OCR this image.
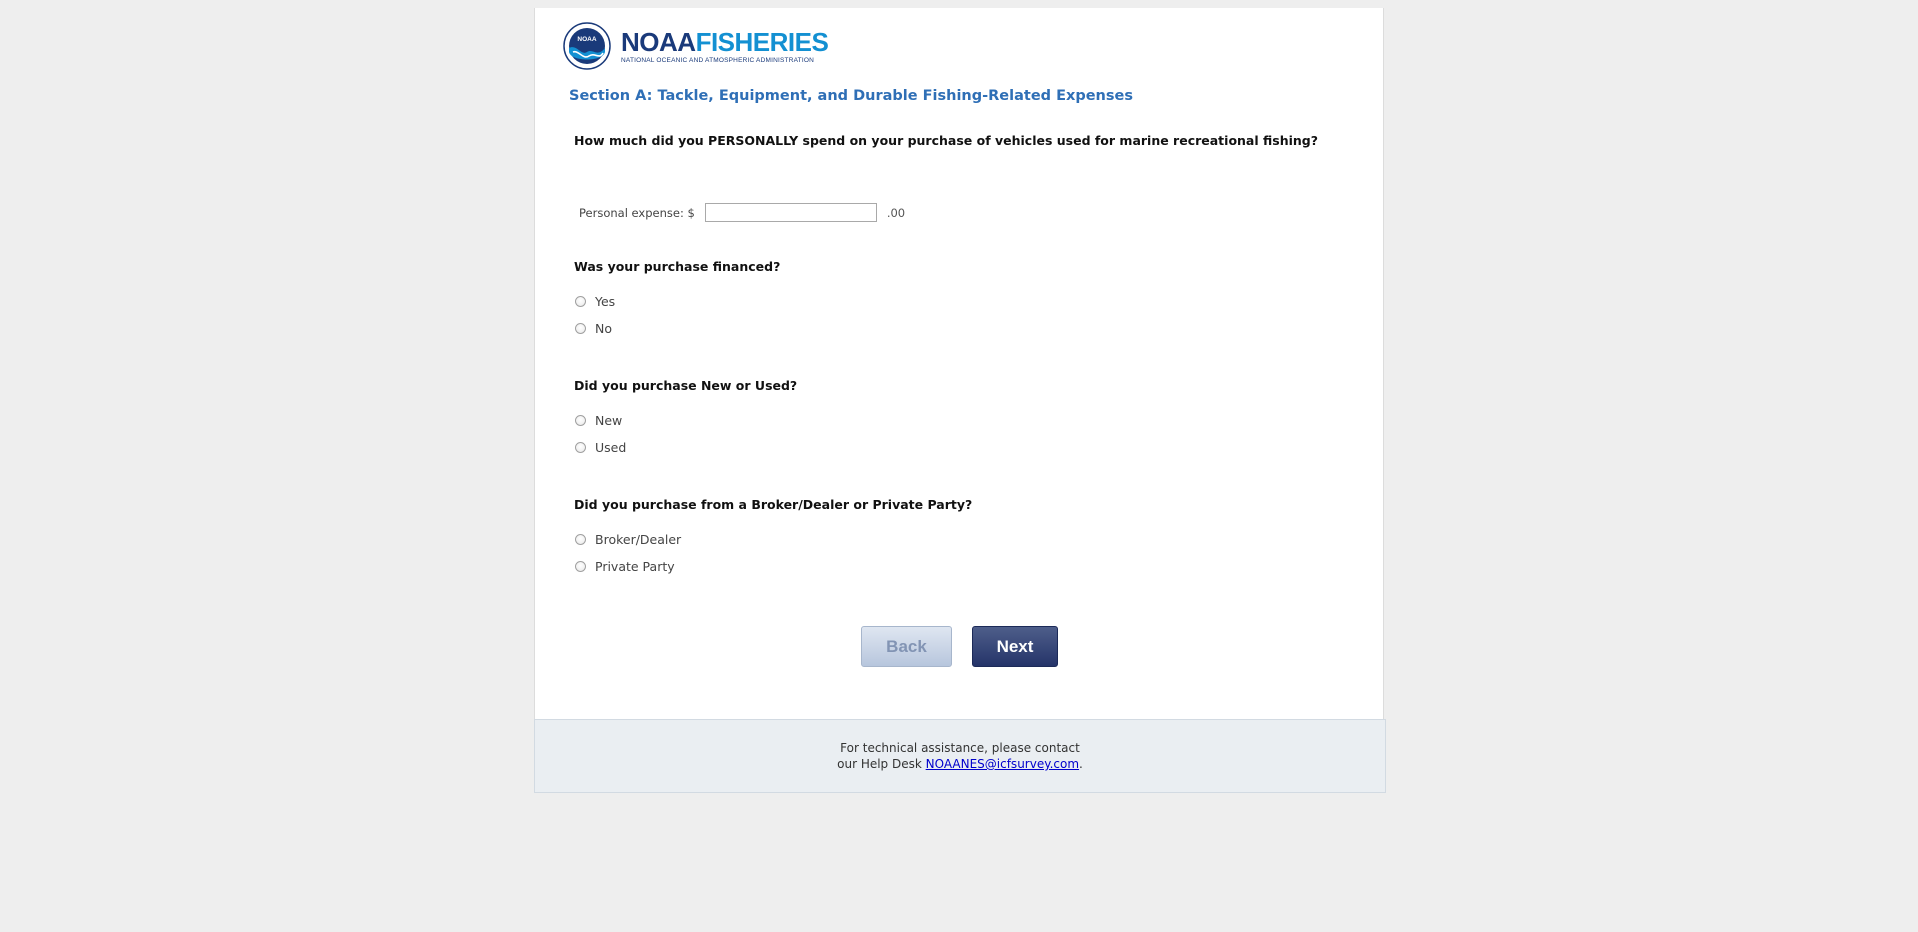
NOAA NOAAFISHERIES
NATIONAL OCEANIC AND ATMOSPHERIC ADMINISTRATION
Section A: Tackle, Equipment, and Durable Fishing-Related Expenses
How much did you PERSONALLY spend on your purchase of vehicles used for marine recreational fishing?
Personal expense: $	.00
Was your purchase financed?
Yes
No
Did you purchase New or Used?
New
Used
Did you purchase from a Broker/Dealer or Private Party?
Broker/Dealer
Private Party
Back	Next
For technical assistance, please contact
our Help Desk NOAANES@icfsurvey.com.
